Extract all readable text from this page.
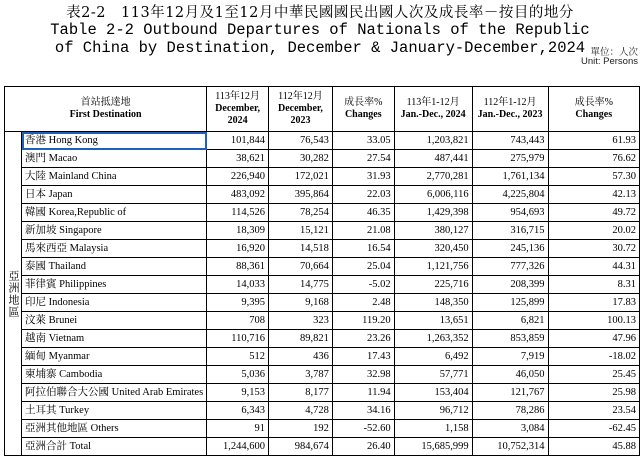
表2-2　113年12月及1至12月中華民國國民出國人次及成長率－按目的地分
Table 2-2 Outbound Departures of Nationals of the Republic
of China by Destination, December & January-December,2024 單位：人次
Unit: Persons
首站抵達地
First Destination		113年12月
December,
2024	112年12月
December,
2023	成長率%
Changes	113年1-12月
Jan.-Dec., 2024	112年1-12月
Jan.-Dec., 2023	成長率%
Changes
亞洲地區	香港 Hong Kong	101,844	76,543	33.05	1,203,821	743,443	61.93
	澳門 Macao	38,621	30,282	27.54	487,441	275,979	76.62
	大陸 Mainland China	226,940	172,021	31.93	2,770,281	1,761,134	57.30
	日本 Japan	483,092	395,864	22.03	6,006,116	4,225,804	42.13
	韓國 Korea,Republic of	114,526	78,254	46.35	1,429,398	954,693	49.72
	新加坡 Singapore	18,309	15,121	21.08	380,127	316,715	20.02
	馬來西亞 Malaysia	16,920	14,518	16.54	320,450	245,136	30.72
	泰國 Thailand	88,361	70,664	25.04	1,121,756	777,326	44.31
	菲律賓 Philippines	14,033	14,775	-5.02	225,716	208,399	8.31
	印尼 Indonesia	9,395	9,168	2.48	148,350	125,899	17.83
	汶萊 Brunei	708	323	119.20	13,651	6,821	100.13
	越南 Vietnam	110,716	89,821	23.26	1,263,352	853,859	47.96
	緬甸 Myanmar	512	436	17.43	6,492	7,919	-18.02
	柬埔寨 Cambodia	5,036	3,787	32.98	57,771	46,050	25.45
	阿拉伯聯合大公國 United Arab Emirates	9,153	8,177	11.94	153,404	121,767	25.98
	土耳其 Turkey	6,343	4,728	34.16	96,712	78,286	23.54
	亞洲其他地區 Others	91	192	-52.60	1,158	3,084	-62.45
	亞洲合計 Total	1,244,600	984,674	26.40	15,685,999	10,752,314	45.88
